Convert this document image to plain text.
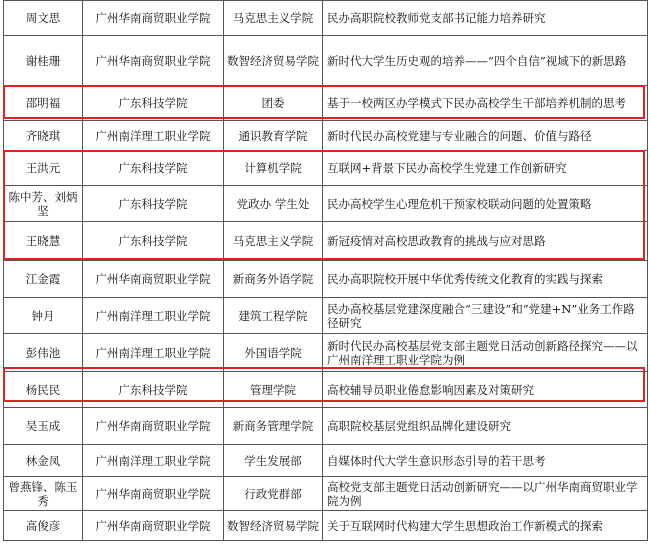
周文思	广州华南商贸职业学院	马克思主义学院	民办高职院校教师党支部书记能力培养研究
谢桂珊	广州华南商贸职业学院	数智经济贸易学院	新时代大学生历史观的培养——“四个自信”视域下的新思路
邵明福	广东科技学院	团委	基于一校两区办学模式下民办高校学生干部培养机制的思考
齐晓琪	广州南洋理工职业学院	通识教育学院	新时代民办高校党建与专业融合的问题、价值与路径
王洪元	广东科技学院	计算机学院	互联网+背景下民办高校学生党建工作创新研究
陈中芳、刘炳坚	广东科技学院	党政办 学生处	民办高校学生心理危机干预家校联动问题的处置策略
王晓慧	广东科技学院	马克思主义学院	新冠疫情对高校思政教育的挑战与应对思路
江金霞	广州华南商贸职业学院	新商务外语学院	民办高职院校开展中华优秀传统文化教育的实践与探索
钟月	广州南洋理工职业学院	建筑工程学院	民办高校基层党建深度融合“三建设”和“党建+N”业务工作路径研究
彭伟池	广州南洋理工职业学院	外国语学院	新时代民办高校基层党支部主题党日活动创新路径探究——以广州南洋理工职业学院为例
杨民民	广东科技学院	管理学院	高校辅导员职业倦怠影响因素及对策研究
吴玉成	广州华南商贸职业学院	新商务管理学院	高职院校基层党组织品牌化建设研究
林金凤	广州南洋理工职业学院	学生发展部	自媒体时代大学生意识形态引导的若干思考
曾燕锋、陈玉秀	广州华南商贸职业学院	行政党群部	高校党支部主题党日活动创新研究——以广州华南商贸职业学院为例
高俊彦	广州华南商贸职业学院	数智经济贸易学院	关于互联网时代构建大学生思想政治工作新模式的探索
